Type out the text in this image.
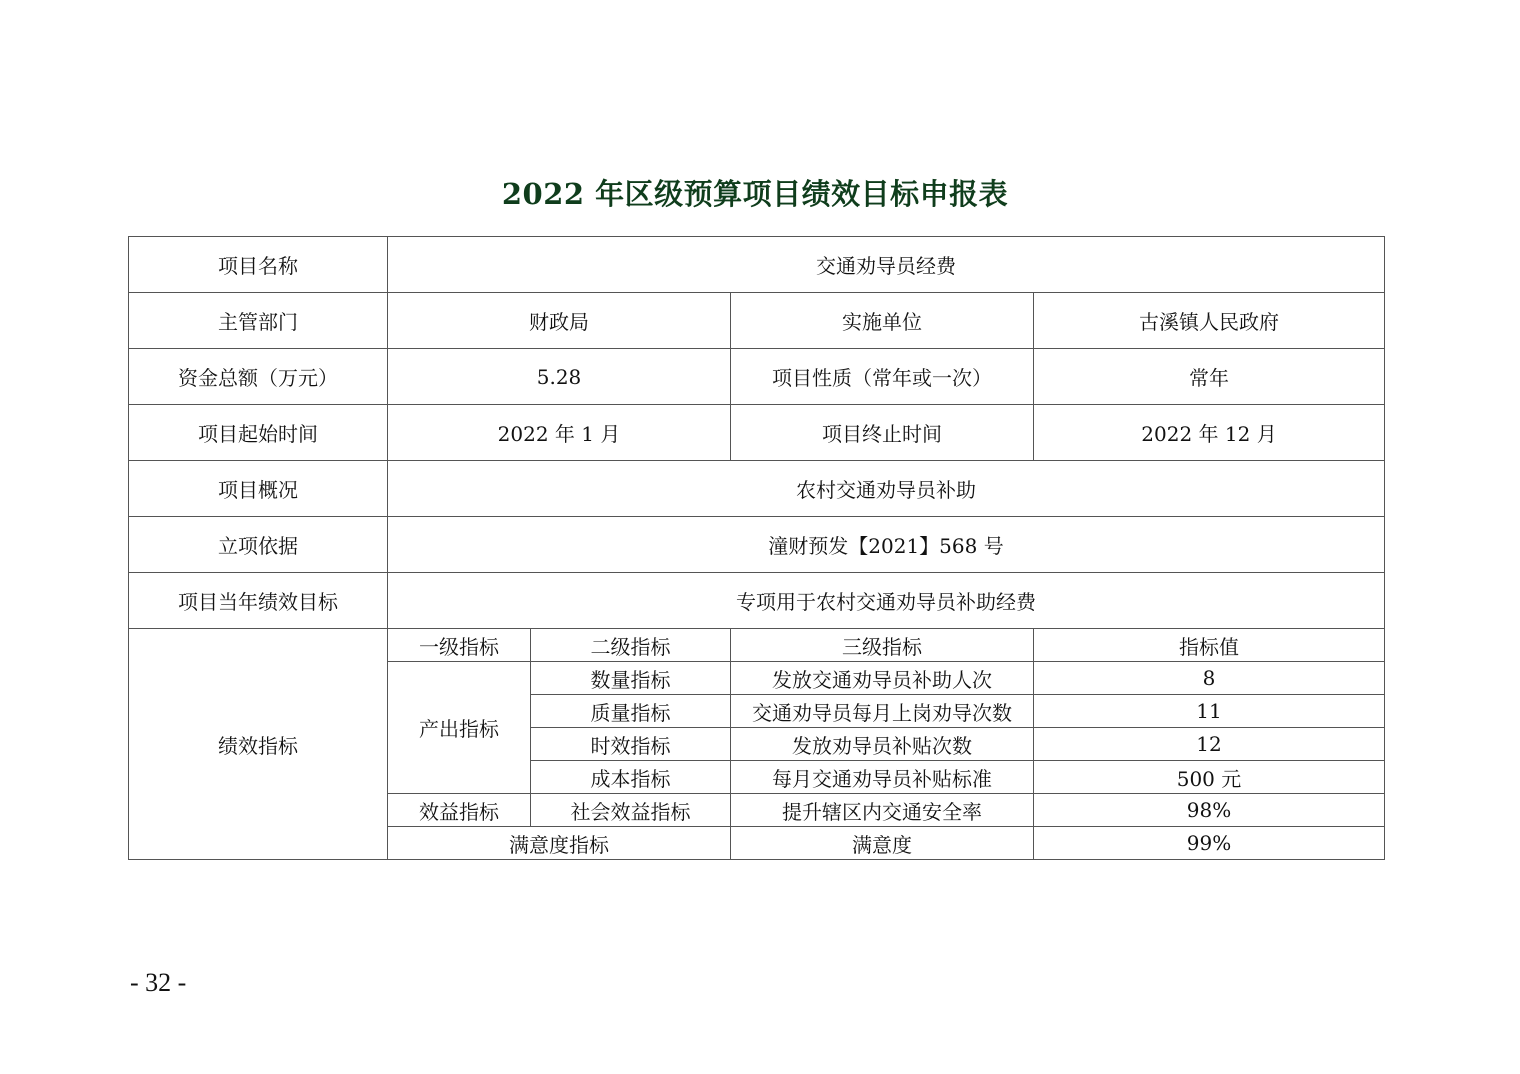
2022 年区级预算项目绩效目标申报表
项目名称	交通劝导员经费			
主管部门	财政局		实施单位	古溪镇人民政府
资金总额（万元）	5.28		项目性质（常年或一次）	常年
项目起始时间	2022 年 1 月		项目终止时间	2022 年 12 月
项目概况	农村交通劝导员补助			
立项依据	潼财预发【2021】568 号			
项目当年绩效目标	专项用于农村交通劝导员补助经费			
绩效指标	一级指标	二级指标	三级指标	指标值
	产出指标	数量指标	发放交通劝导员补助人次	8
		质量指标	交通劝导员每月上岗劝导次数	11
		时效指标	发放劝导员补贴次数	12
		成本指标	每月交通劝导员补贴标准	500 元
	效益指标	社会效益指标	提升辖区内交通安全率	98%
	满意度指标		满意度	99%
- 32 -
